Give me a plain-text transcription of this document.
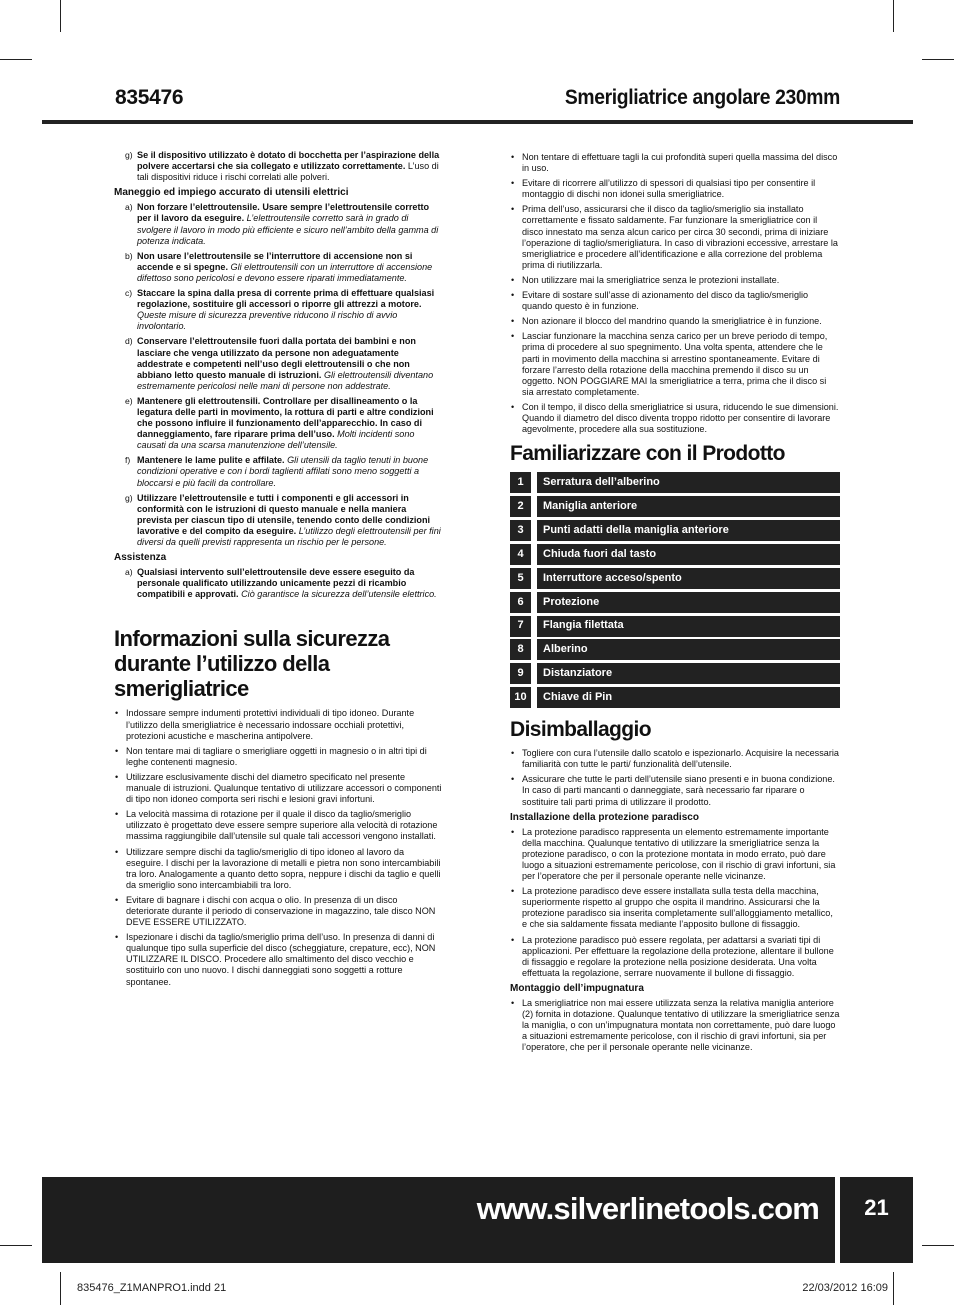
835476	Smerigliatrice angolare 230mm
g) Se il dispositivo utilizzato è dotato di bocchetta per l’aspirazione della polvere accertarsi che sia collegato e utilizzato correttamente. L’uso di tali dispositivi riduce i rischi correlati alle polveri.
Maneggio ed impiego accurato di utensili elettrici
a) Non forzare l’elettroutensile. Usare sempre l’elettroutensile corretto per il lavoro da eseguire. L’elettroutensile corretto sarà in grado di svolgere il lavoro in modo più efficiente e sicuro nell’ambito della gamma di potenza indicata.
b) Non usare l’elettroutensile se l’interruttore di accensione non si accende e si spegne. Gli elettroutensili con un interruttore di accensione difettoso sono pericolosi e devono essere riparati immediatamente.
c) Staccare la spina dalla presa di corrente prima di effettuare qualsiasi regolazione, sostituire gli accessori o riporre gli attrezzi a motore. Queste misure di sicurezza preventive riducono il rischio di avvio involontario.
d) Conservare l’elettroutensile fuori dalla portata dei bambini e non lasciare che venga utilizzato da persone non adeguatamente addestrate e competenti nell’uso degli elettroutensili o che non abbiano letto questo manuale di istruzioni. Gli elettroutensili diventano estremamente pericolosi nelle mani di persone non addestrate.
e) Mantenere gli elettroutensili. Controllare per disallineamento o la legatura delle parti in movimento, la rottura di parti e altre condizioni che possono influire il funzionamento dell’apparecchio. In caso di danneggiamento, fare riparare prima dell’uso. Molti incidenti sono causati da una scarsa manutenzione dell’utensile.
f) Mantenere le lame pulite e affilate. Gli utensili da taglio tenuti in buone condizioni operative e con i bordi taglienti affilati sono meno soggetti a bloccarsi e più facili da controllare.
g) Utilizzare l’elettroutensile e tutti i componenti e gli accessori in conformità con le istruzioni di questo manuale e nella maniera prevista per ciascun tipo di utensile, tenendo conto delle condizioni lavorative e del compito da eseguire. L’utilizzo degli elettroutensili per fini diversi da quelli previsti rappresenta un rischio per le persone.
Assistenza
a) Qualsiasi intervento sull’elettroutensile deve essere eseguito da personale qualificato utilizzando unicamente pezzi di ricambio compatibili e approvati. Ciò garantisce la sicurezza dell’utensile elettrico.
Informazioni sulla sicurezza durante l’utilizzo della smerigliatrice
• Indossare sempre indumenti protettivi individuali di tipo idoneo. Durante l’utilizzo della smerigliatrice è necessario indossare occhiali protettivi, protezioni acustiche e mascherina antipolvere.
• Non tentare mai di tagliare o smerigliare oggetti in magnesio o in altri tipi di leghe contenenti magnesio.
• Utilizzare esclusivamente dischi del diametro specificato nel presente manuale di istruzioni. Qualunque tentativo di utilizzare accessori o componenti di tipo non idoneo comporta seri rischi e lesioni gravi infortuni.
• La velocità massima di rotazione per il quale il disco da taglio/smeriglio utilizzato è progettato deve essere sempre superiore alla velocità di rotazione massima raggiungibile dall’utensile sul quale tali accessori vengono installati.
• Utilizzare sempre dischi da taglio/smeriglio di tipo idoneo al lavoro da eseguire. I dischi per la lavorazione di metalli e pietra non sono intercambiabili tra loro. Analogamente a quanto detto sopra, neppure i dischi da taglio e quelli da smeriglio sono intercambiabili tra loro.
• Evitare di bagnare i dischi con acqua o olio. In presenza di un disco deteriorate durante il periodo di conservazione in magazzino, tale disco NON DEVE ESSERE UTILIZZATO.
• Ispezionare i dischi da taglio/smeriglio prima dell’uso. In presenza di danni di qualunque tipo sulla superficie del disco (scheggiature, crepature, ecc), NON UTILIZZARE IL DISCO. Procedere allo smaltimento del disco vecchio e sostituirlo con uno nuovo. I dischi danneggiati sono soggetti a rotture spontanee.
• Non tentare di effettuare tagli la cui profondità superi quella massima del disco in uso.
• Evitare di ricorrere all’utilizzo di spessori di qualsiasi tipo per consentire il montaggio di dischi non idonei sulla smerigliatrice.
• Prima dell’uso, assicurarsi che il disco da taglio/smeriglio sia installato correttamente e fissato saldamente. Far funzionare la smerigliatrice con il disco innestato ma senza alcun carico per circa 30 secondi, prima di iniziare l’operazione di taglio/smerigliatura. In caso di vibrazioni eccessive, arrestare la smerigliatrice e procedere all’identificazione e alla correzione del problema prima di riutilizzarla.
• Non utilizzare mai la smerigliatrice senza le protezioni installate.
• Evitare di sostare sull’asse di azionamento del disco da taglio/smeriglio quando questo è in funzione.
• Non azionare il blocco del mandrino quando la smerigliatrice è in funzione.
• Lasciar funzionare la macchina senza carico per un breve periodo di tempo, prima di procedere al suo spegnimento. Una volta spenta, attendere che le parti in movimento della macchina si arrestino spontaneamente. Evitare di forzare l’arresto della rotazione della macchina premendo il disco su un oggetto. NON POGGIARE MAI la smerigliatrice a terra, prima che il disco si sia arrestato completamente.
• Con il tempo, il disco della smerigliatrice si usura, riducendo le sue dimensioni. Quando il diametro del disco diventa troppo ridotto per consentire di lavorare agevolmente, procedere alla sua sostituzione.
Familiarizzare con il Prodotto
1	Serratura dell’alberino
2	Maniglia anteriore
3	Punti adatti della maniglia anteriore
4	Chiuda fuori dal tasto
5	Interruttore acceso/spento
6	Protezione
7	Flangia filettata
8	Alberino
9	Distanziatore
10	Chiave di Pin
Disimballaggio
• Togliere con cura l’utensile dallo scatolo e ispezionarlo. Acquisire la necessaria familiarità con tutte le parti/ funzionalità dell’utensile.
• Assicurare che tutte le parti dell’utensile siano presenti e in buona condizione. In caso di parti mancanti o danneggiate, sarà necessario far riparare o sostituire tali parti prima di utilizzare il prodotto.
Installazione della protezione paradisco
• La protezione paradisco rappresenta un elemento estremamente importante della macchina. Qualunque tentativo di utilizzare la smerigliatrice senza la protezione paradisco, o con la protezione montata in modo errato, può dare luogo a situazioni estremamente pericolose, con il rischio di gravi infortuni, sia per l’operatore che per il personale operante nelle vicinanze.
• La protezione paradisco deve essere installata sulla testa della macchina, superiormente rispetto al gruppo che ospita il mandrino. Assicurarsi che la protezione paradisco sia inserita completamente sull’alloggiamento metallico, e che sia saldamente fissata mediante l’apposito bullone di fissaggio.
• La protezione paradisco può essere regolata, per adattarsi a svariati tipi di applicazioni. Per effettuare la regolazione della protezione, allentare il bullone di fissaggio e regolare la protezione nella posizione desiderata. Una volta effettuata la regolazione, serrare nuovamente il bullone di fissaggio.
Montaggio dell’impugnatura
• La smerigliatrice non mai essere utilizzata senza la relativa maniglia anteriore (2) fornita in dotazione. Qualunque tentativo di utilizzare la smerigliatrice senza la maniglia, o con un’impugnatura montata non correttamente, può dare luogo a situazioni estremamente pericolose, con il rischio di gravi infortuni, sia per l’operatore, che per il personale operante nelle vicinanze.
www.silverlinetools.com	21
835476_Z1MANPRO1.indd 21	22/03/2012 16:09
